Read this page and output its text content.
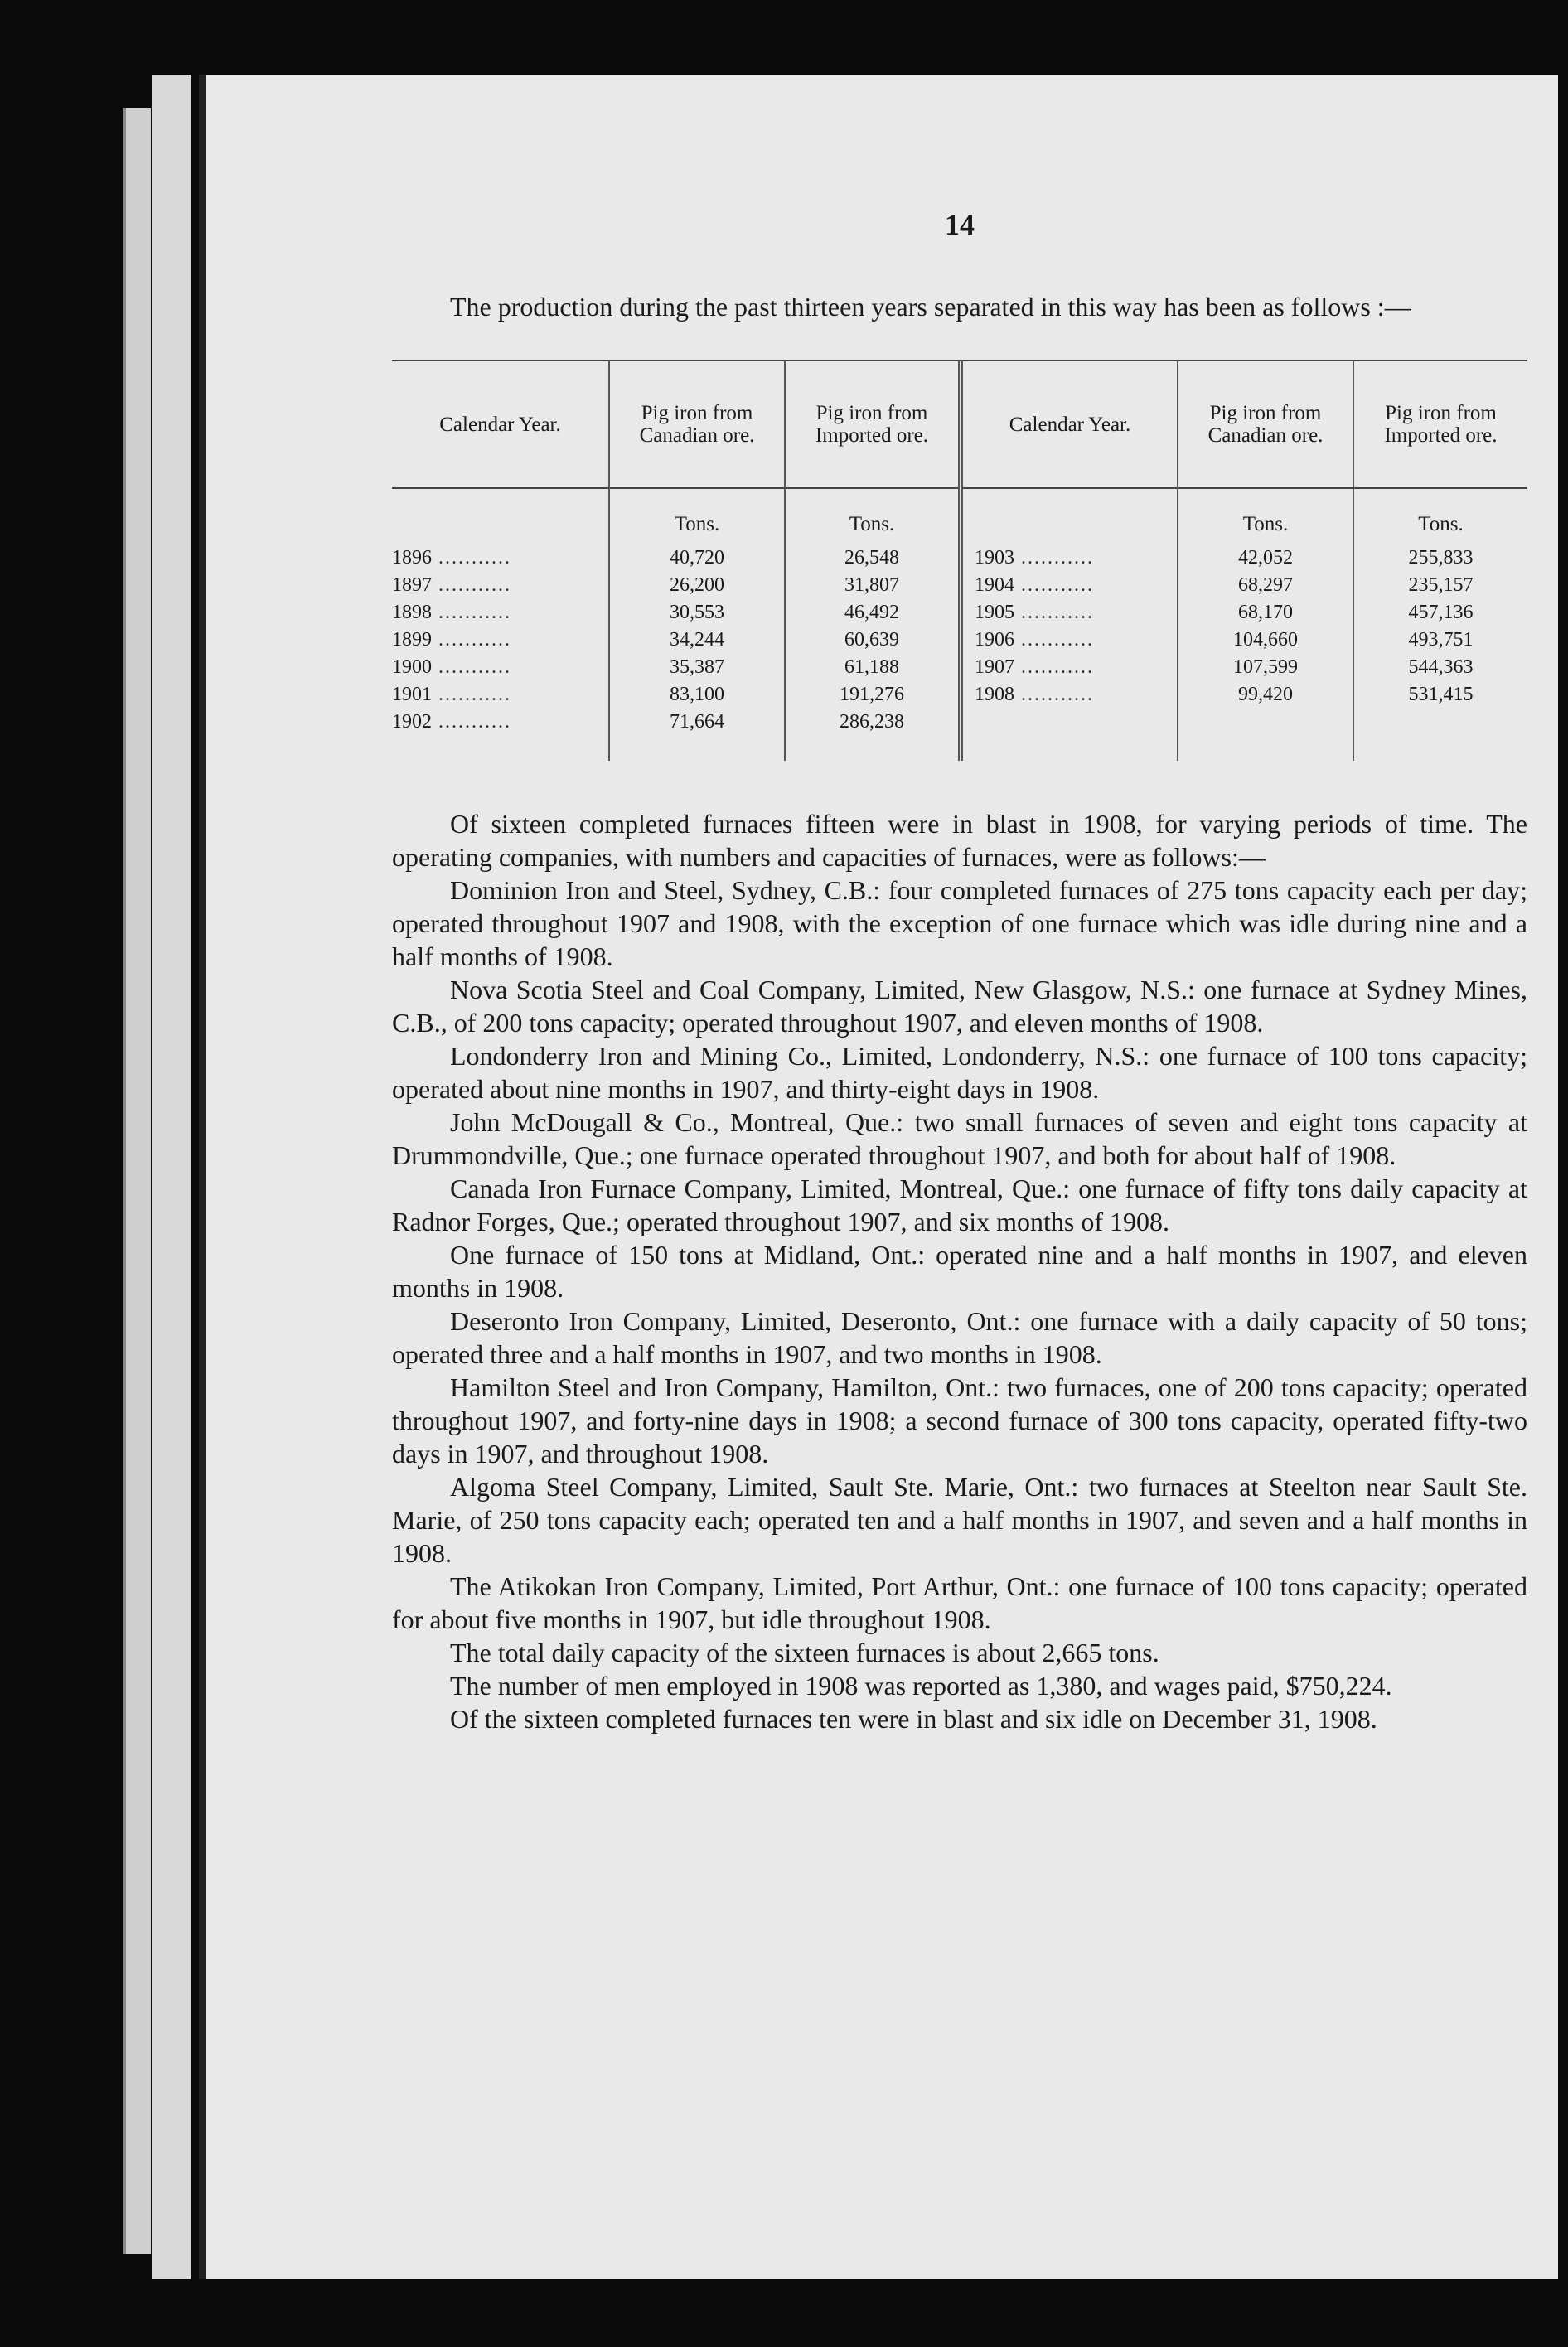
14

The production during the past thirteen years separated in this way has been as follows :—

Calendar Year.	Pig iron from Canadian ore.	Pig iron from Imported ore.	Calendar Year.	Pig iron from Canadian ore.	Pig iron from Imported ore.
	Tons.	Tons.		Tons.	Tons.
1896 ...........	40,720	26,548	1903 ...........	42,052	255,833
1897 ...........	26,200	31,807	1904 ...........	68,297	235,157
1898 ...........	30,553	46,492	1905 ...........	68,170	457,136
1899 ...........	34,244	60,639	1906 ...........	104,660	493,751
1900 ...........	35,387	61,188	1907 ...........	107,599	544,363
1901 ...........	83,100	191,276	1908 ...........	99,420	531,415
1902 ...........	71,664	286,238			

Of sixteen completed furnaces fifteen were in blast in 1908, for varying periods of time. The operating companies, with numbers and capacities of furnaces, were as follows:—

Dominion Iron and Steel, Sydney, C.B.: four completed furnaces of 275 tons capacity each per day; operated throughout 1907 and 1908, with the exception of one furnace which was idle during nine and a half months of 1908.

Nova Scotia Steel and Coal Company, Limited, New Glasgow, N.S.: one furnace at Sydney Mines, C.B., of 200 tons capacity; operated throughout 1907, and eleven months of 1908.

Londonderry Iron and Mining Co., Limited, Londonderry, N.S.: one furnace of 100 tons capacity; operated about nine months in 1907, and thirty-eight days in 1908.

John McDougall & Co., Montreal, Que.: two small furnaces of seven and eight tons capacity at Drummondville, Que.; one furnace operated throughout 1907, and both for about half of 1908.

Canada Iron Furnace Company, Limited, Montreal, Que.: one furnace of fifty tons daily capacity at Radnor Forges, Que.; operated throughout 1907, and six months of 1908.

One furnace of 150 tons at Midland, Ont.: operated nine and a half months in 1907, and eleven months in 1908.

Deseronto Iron Company, Limited, Deseronto, Ont.: one furnace with a daily capacity of 50 tons; operated three and a half months in 1907, and two months in 1908.

Hamilton Steel and Iron Company, Hamilton, Ont.: two furnaces, one of 200 tons capacity; operated throughout 1907, and forty-nine days in 1908; a second furnace of 300 tons capacity, operated fifty-two days in 1907, and throughout 1908.

Algoma Steel Company, Limited, Sault Ste. Marie, Ont.: two furnaces at Steelton near Sault Ste. Marie, of 250 tons capacity each; operated ten and a half months in 1907, and seven and a half months in 1908.

The Atikokan Iron Company, Limited, Port Arthur, Ont.: one furnace of 100 tons capacity; operated for about five months in 1907, but idle throughout 1908.

The total daily capacity of the sixteen furnaces is about 2,665 tons.

The number of men employed in 1908 was reported as 1,380, and wages paid, $750,224.

Of the sixteen completed furnaces ten were in blast and six idle on December 31, 1908.
